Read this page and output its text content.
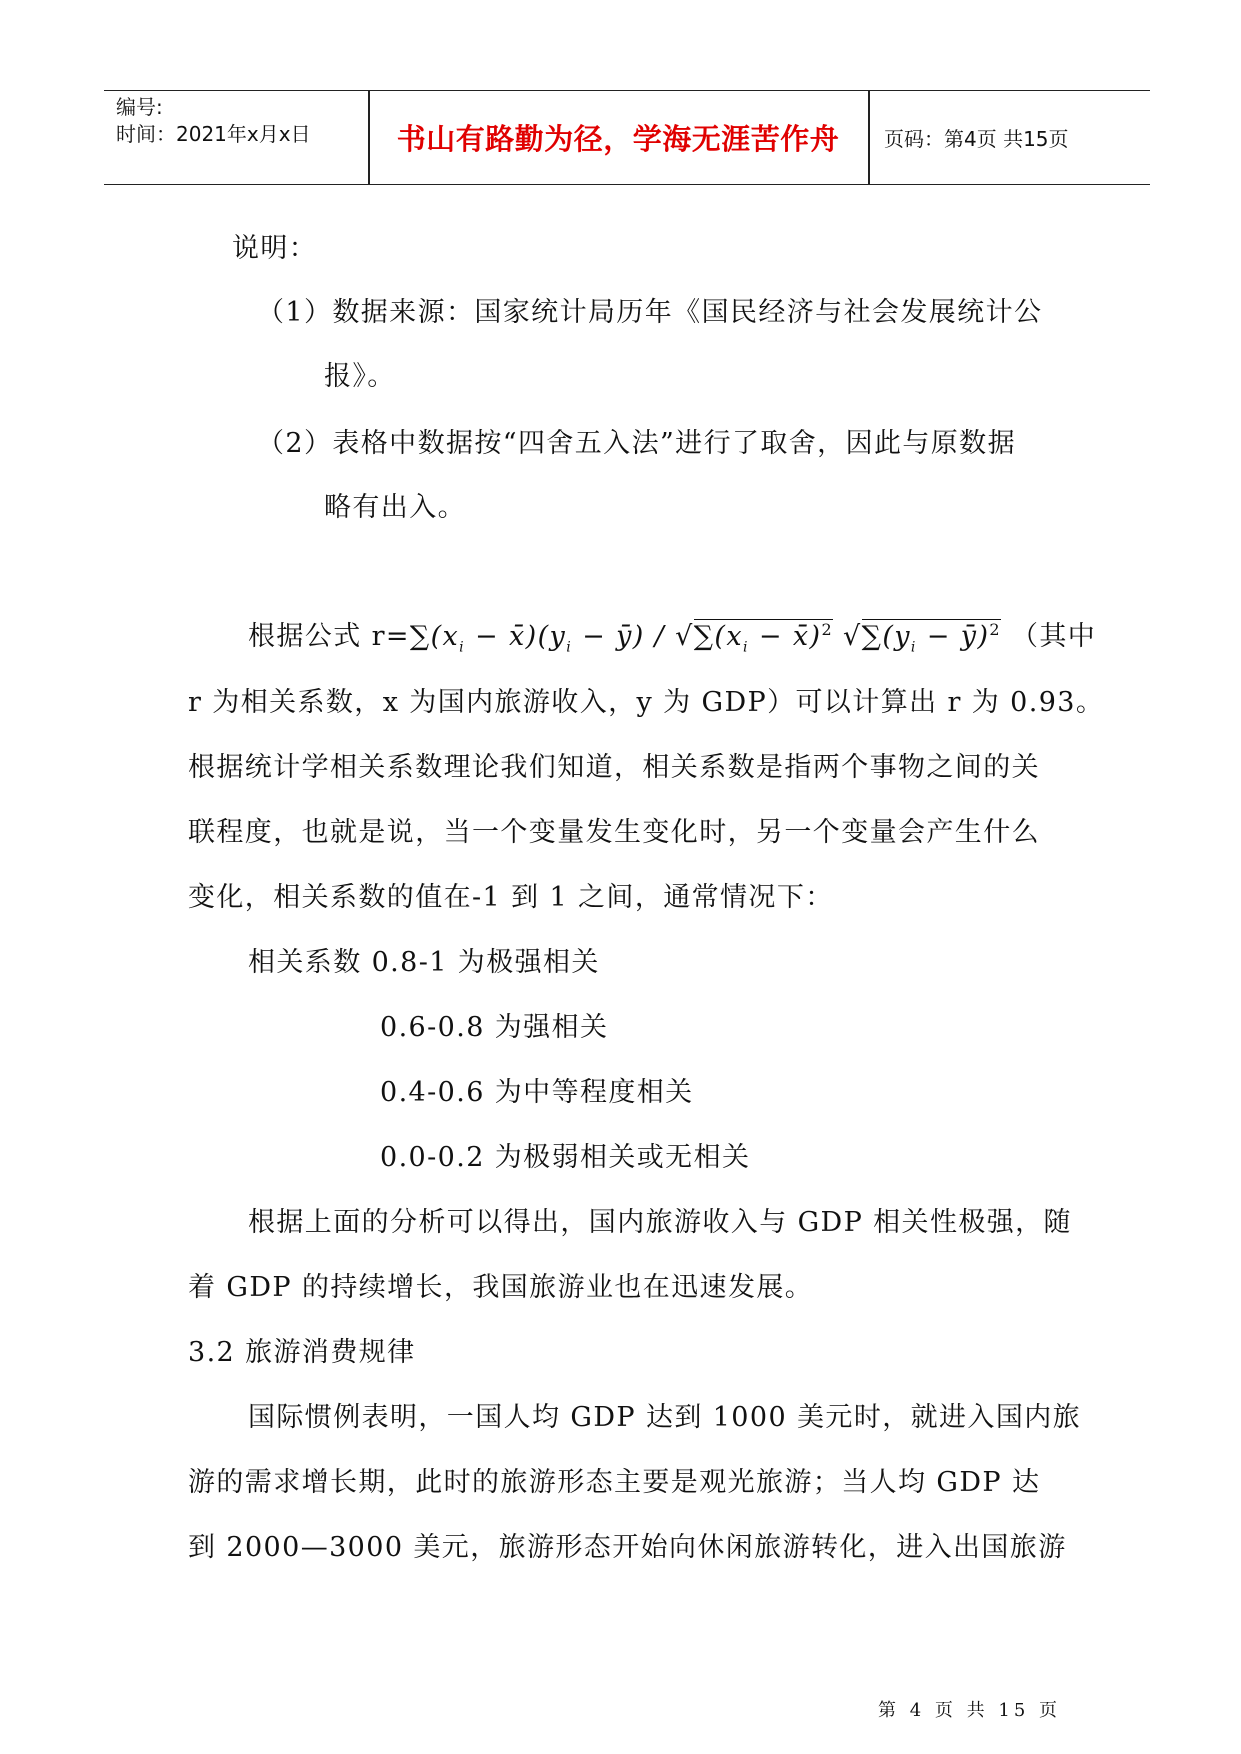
编号:
时间：2021年x月x日	书山有路勤为径，学海无涯苦作舟	页码：第4页 共15页
说明：
（1）数据来源：国家统计局历年《国民经济与社会发展统计公
报》。
（2）表格中数据按“四舍五入法”进行了取舍，因此与原数据
略有出入。
根据公式 $r=\sum(x_i$ − $x̄)(y_i$ − ȳ) / $√\sum(x_i$ − x̄)$^2$ $√\sum(y_i$ − ȳ)$^2$ （其中
r 为相关系数，x 为国内旅游收入，y 为 GDP）可以计算出 r 为 0.93。
根据统计学相关系数理论我们知道，相关系数是指两个事物之间的关
联程度，也就是说，当一个变量发生变化时，另一个变量会产生什么
变化，相关系数的值在-1 到 1 之间，通常情况下：
相关系数 0.8-1 为极强相关
0.6-0.8 为强相关
0.4-0.6 为中等程度相关
0.0-0.2 为极弱相关或无相关
根据上面的分析可以得出，国内旅游收入与 GDP 相关性极强，随
着 GDP 的持续增长，我国旅游业也在迅速发展。
3.2 旅游消费规律
国际惯例表明，一国人均 GDP 达到 1000 美元时，就进入国内旅
游的需求增长期，此时的旅游形态主要是观光旅游；当人均 GDP 达
到 2000—3000 美元，旅游形态开始向休闲旅游转化，进入出国旅游
第 4 页 共 15 页
